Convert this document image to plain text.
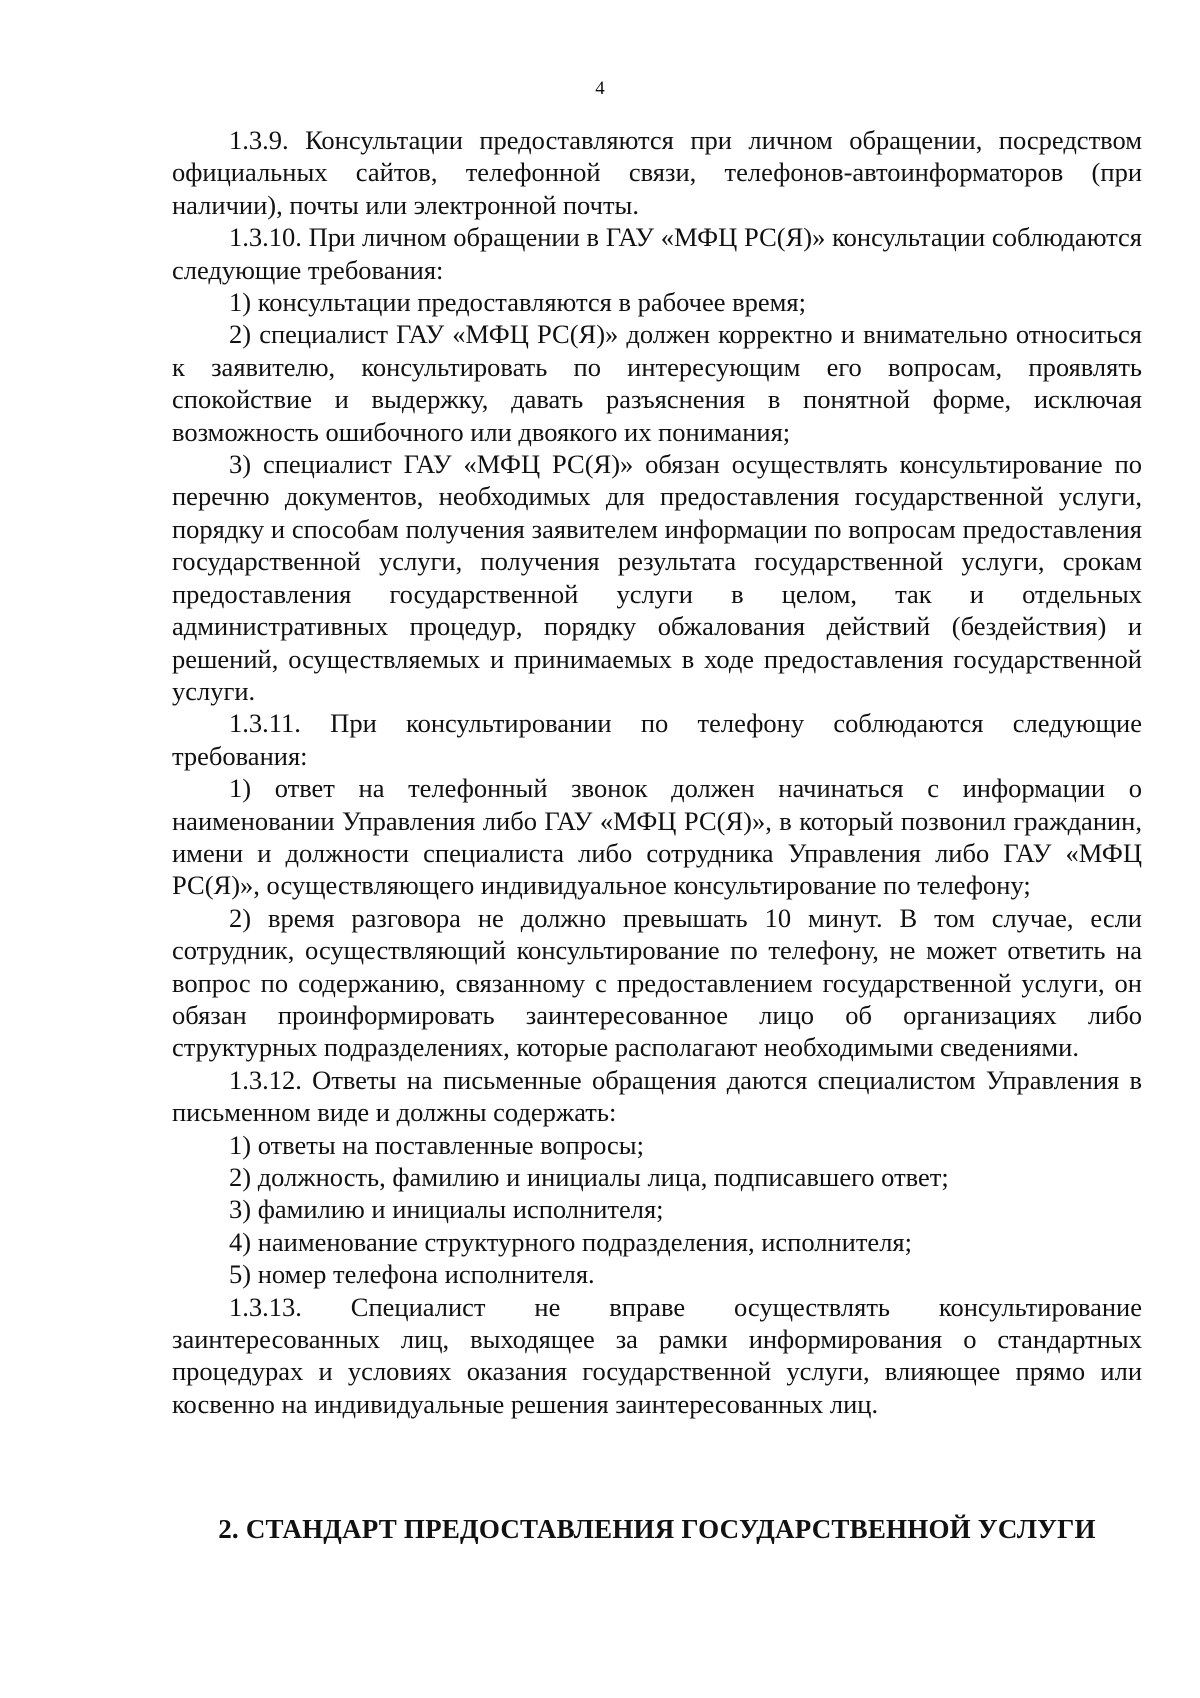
4

1.3.9. Консультации предоставляются при личном обращении, посредством официальных сайтов, телефонной связи, телефонов-автоинформаторов (при наличии), почты или электронной почты.

1.3.10. При личном обращении в ГАУ «МФЦ РС(Я)» консультации соблюдаются следующие требования:

1) консультации предоставляются в рабочее время;

2) специалист ГАУ «МФЦ РС(Я)» должен корректно и внимательно относиться к заявителю, консультировать по интересующим его вопросам, проявлять спокойствие и выдержку, давать разъяснения в понятной форме, исключая возможность ошибочного или двоякого их понимания;

3) специалист ГАУ «МФЦ РС(Я)» обязан осуществлять консультирование по перечню документов, необходимых для предоставления государственной услуги, порядку и способам получения заявителем информации по вопросам предоставления государственной услуги, получения результата государственной услуги, срокам предоставления государственной услуги в целом, так и отдельных административных процедур, порядку обжалования действий (бездействия) и решений, осуществляемых и принимаемых в ходе предоставления государственной услуги.

1.3.11. При консультировании по телефону соблюдаются следующие требования:

1) ответ на телефонный звонок должен начинаться с информации о наименовании Управления либо ГАУ «МФЦ РС(Я)», в который позвонил гражданин, имени и должности специалиста либо сотрудника Управления либо ГАУ «МФЦ РС(Я)», осуществляющего индивидуальное консультирование по телефону;

2) время разговора не должно превышать 10 минут. В том случае, если сотрудник, осуществляющий консультирование по телефону, не может ответить на вопрос по содержанию, связанному с предоставлением государственной услуги, он обязан проинформировать заинтересованное лицо об организациях либо структурных подразделениях, которые располагают необходимыми сведениями.

1.3.12. Ответы на письменные обращения даются специалистом Управления в письменном виде и должны содержать:

1) ответы на поставленные вопросы;

2) должность, фамилию и инициалы лица, подписавшего ответ;

3) фамилию и инициалы исполнителя;

4) наименование структурного подразделения, исполнителя;

5) номер телефона исполнителя.

1.3.13. Специалист не вправе осуществлять консультирование заинтересованных лиц, выходящее за рамки информирования о стандартных процедурах и условиях оказания государственной услуги, влияющее прямо или косвенно на индивидуальные решения заинтересованных лиц.

2. СТАНДАРТ ПРЕДОСТАВЛЕНИЯ ГОСУДАРСТВЕННОЙ УСЛУГИ
